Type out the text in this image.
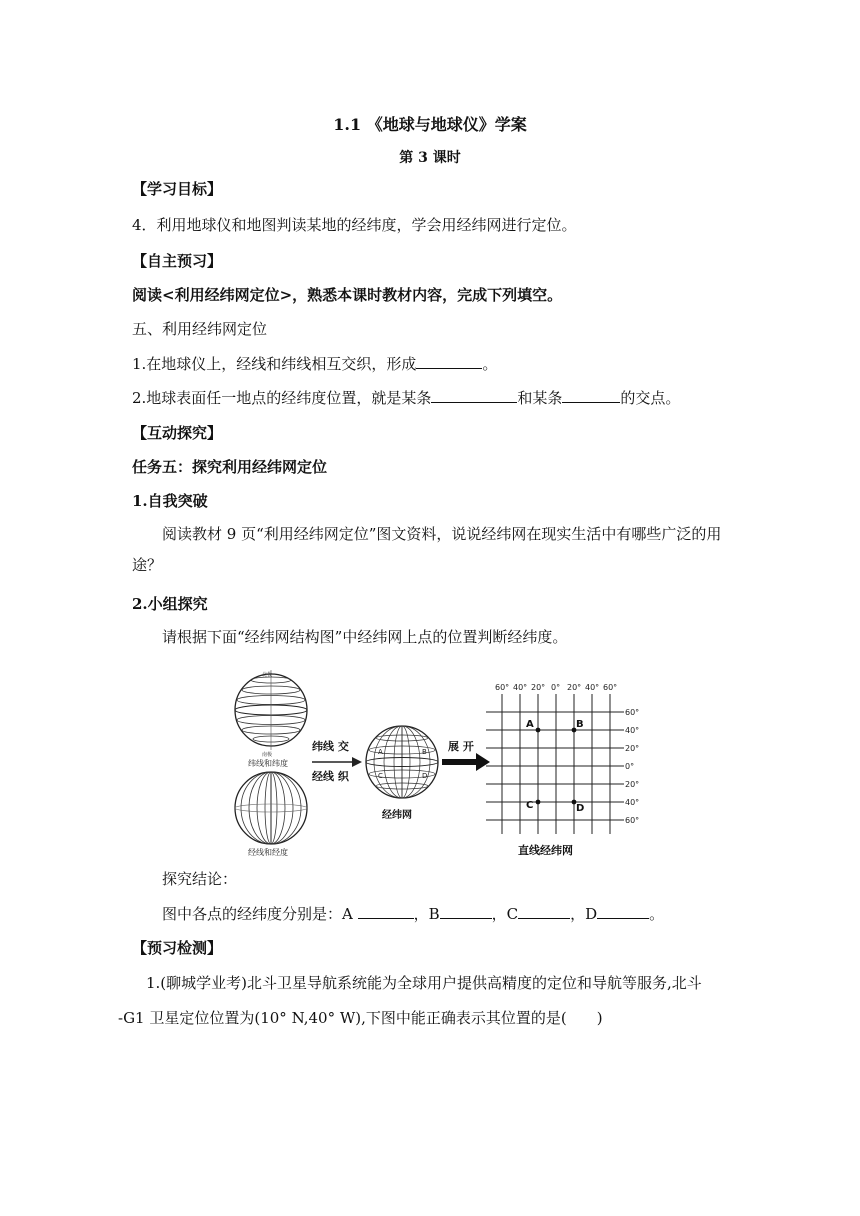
1.1 《地球与地球仪》学案
第 3 课时
【学习目标】
4．利用地球仪和地图判读某地的经纬度，学会用经纬网进行定位。
【自主预习】
阅读<利用经纬网定位>，熟悉本课时教材内容，完成下列填空。
五、利用经纬网定位
1.在地球仪上，经线和纬线相互交织，形成	。
2.地球表面任一地点的经纬度位置，就是某条	和某条	的交点。
【互动探究】
任务五：探究利用经纬网定位
1.自我突破
阅读教材 9 页“利用经纬网定位”图文资料，说说经纬网在现实生活中有哪些广泛的用途？
2.小组探究
请根据下面“经纬网结构图”中经纬网上点的位置判断经纬度。
北极
南极
纬线和纬度
经线和经度
纬线 交
经线 织
A	B
C	D
经纬网
展 开
60° 40° 20° 0° 20° 40° 60°
60°
40°
20°
0°
20°
40°
60°
A	B
C	D
直线经纬网
探究结论：
图中各点的经纬度分别是：A	，B	，C	，D	。
【预习检测】
1.(聊城学业考)北斗卫星导航系统能为全球用户提供高精度的定位和导航等服务,北斗
-G1 卫星定位位置为(10° N,40° W),下图中能正确表示其位置的是(　　)
